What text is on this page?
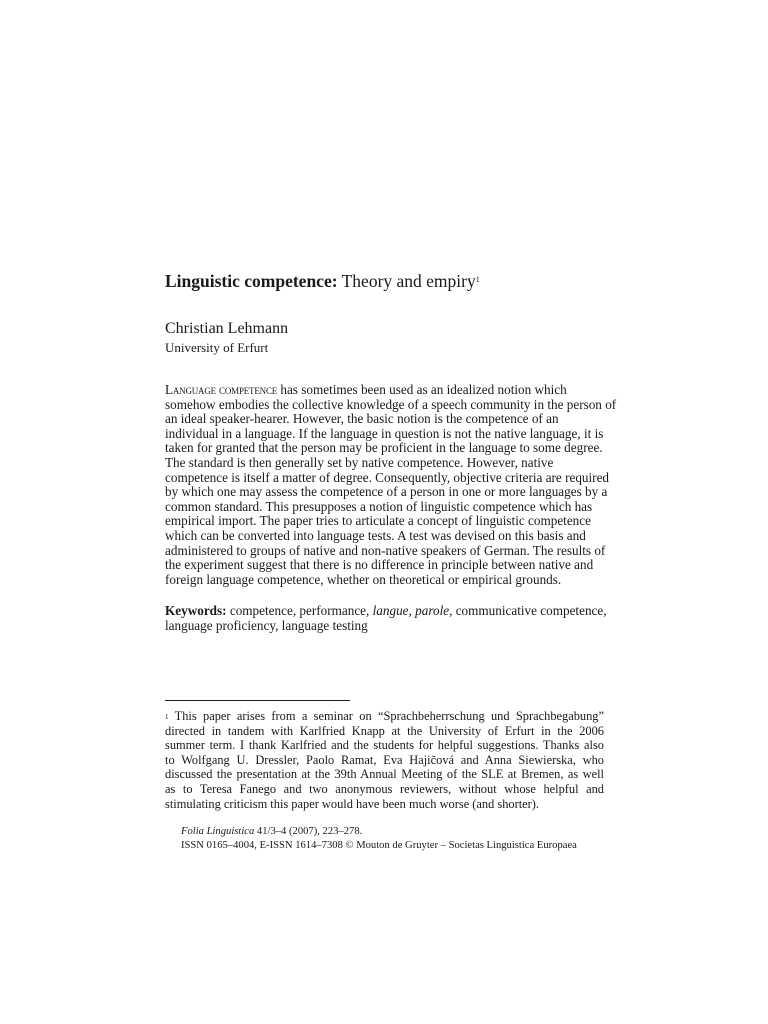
Linguistic competence: Theory and empiry$^1$
Christian Lehmann
University of Erfurt
Language competence has sometimes been used as an idealized notion which
somehow embodies the collective knowledge of a speech community in the person of
an ideal speaker-hearer. However, the basic notion is the competence of an
individual in a language. If the language in question is not the native language, it is
taken for granted that the person may be proficient in the language to some degree.
The standard is then generally set by native competence. However, native
competence is itself a matter of degree. Consequently, objective criteria are required
by which one may assess the competence of a person in one or more languages by a
common standard. This presupposes a notion of linguistic competence which has
empirical import. The paper tries to articulate a concept of linguistic competence
which can be converted into language tests. A test was devised on this basis and
administered to groups of native and non-native speakers of German. The results of
the experiment suggest that there is no difference in principle between native and
foreign language competence, whether on theoretical or empirical grounds.
Keywords: competence, performance, langue, parole, communicative competence,
language proficiency, language testing
$^1$ This paper arises from a seminar on “Sprachbeherrschung und Sprachbegabung”
directed in tandem with Karlfried Knapp at the University of Erfurt in the 2006
summer term. I thank Karlfried and the students for helpful suggestions. Thanks also
to Wolfgang U. Dressler, Paolo Ramat, Eva Hajičová and Anna Siewierska, who
discussed the presentation at the 39th Annual Meeting of the SLE at Bremen, as well
as to Teresa Fanego and two anonymous reviewers, without whose helpful and
stimulating criticism this paper would have been much worse (and shorter).
Folia Linguistica 41/3–4 (2007), 223–278.
ISSN 0165–4004, E-ISSN 1614–7308 © Mouton de Gruyter – Societas Linguistica Europaea
